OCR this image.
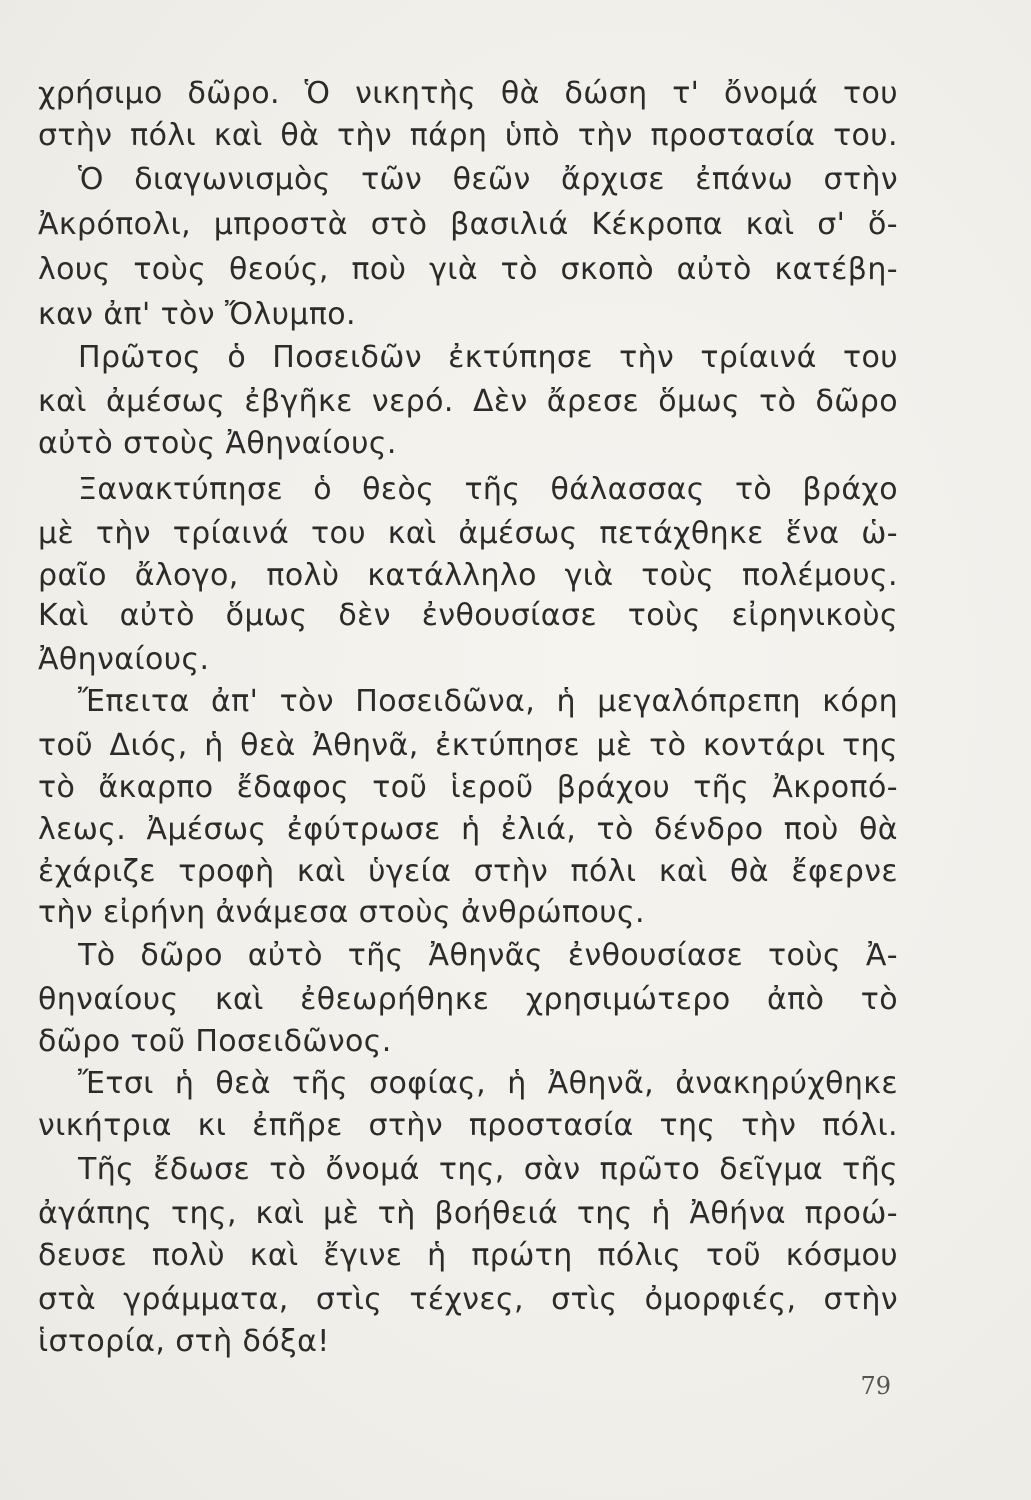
χρήσιμο δῶρο. Ὁ νικητὴς θὰ δώση τ' ὄνομά του
στὴν πόλι καὶ θὰ τὴν πάρη ὑπὸ τὴν προστασία του.
Ὁ διαγωνισμὸς τῶν θεῶν ἄρχισε ἐπάνω στὴν
Ἀκρόπολι, μπροστὰ στὸ βασιλιά Κέκροπα καὶ σ' ὅ-
λους τοὺς θεούς, ποὺ γιὰ τὸ σκοπὸ αὐτὸ κατέβη-
καν ἀπ' τὸν Ὄλυμπο.
Πρῶτος ὁ Ποσειδῶν ἐκτύπησε τὴν τρίαινά του
καὶ ἀμέσως ἐβγῆκε νερό. Δὲν ἄρεσε ὅμως τὸ δῶρο
αὐτὸ στοὺς Ἀθηναίους.
Ξανακτύπησε ὁ θεὸς τῆς θάλασσας τὸ βράχο
μὲ τὴν τρίαινά του καὶ ἀμέσως πετάχθηκε ἕνα ὡ-
ραῖο ἄλογο, πολὺ κατάλληλο γιὰ τοὺς πολέμους.
Καὶ αὐτὸ ὅμως δὲν ἐνθουσίασε τοὺς εἰρηνικοὺς
Ἀθηναίους.
Ἔπειτα ἀπ' τὸν Ποσειδῶνα, ἡ μεγαλόπρεπη κόρη
τοῦ Διός, ἡ θεὰ Ἀθηνᾶ, ἐκτύπησε μὲ τὸ κοντάρι της
τὸ ἄκαρπο ἔδαφος τοῦ ἱεροῦ βράχου τῆς Ἀκροπό-
λεως. Ἀμέσως ἐφύτρωσε ἡ ἐλιά, τὸ δένδρο ποὺ θὰ
ἐχάριζε τροφὴ καὶ ὑγεία στὴν πόλι καὶ θὰ ἔφερνε
τὴν εἰρήνη ἀνάμεσα στοὺς ἀνθρώπους.
Τὸ δῶρο αὐτὸ τῆς Ἀθηνᾶς ἐνθουσίασε τοὺς Ἀ-
θηναίους καὶ ἐθεωρήθηκε χρησιμώτερο ἀπὸ τὸ
δῶρο τοῦ Ποσειδῶνος.
Ἔτσι ἡ θεὰ τῆς σοφίας, ἡ Ἀθηνᾶ, ἀνακηρύχθηκε
νικήτρια κι ἐπῆρε στὴν προστασία της τὴν πόλι.
Τῆς ἔδωσε τὸ ὄνομά της, σὰν πρῶτο δεῖγμα τῆς
ἀγάπης της, καὶ μὲ τὴ βοήθειά της ἡ Ἀθήνα προώ-
δευσε πολὺ καὶ ἔγινε ἡ πρώτη πόλις τοῦ κόσμου
στὰ γράμματα, στὶς τέχνες, στὶς ὀμορφιές, στὴν
ἱστορία, στὴ δόξα!
79
